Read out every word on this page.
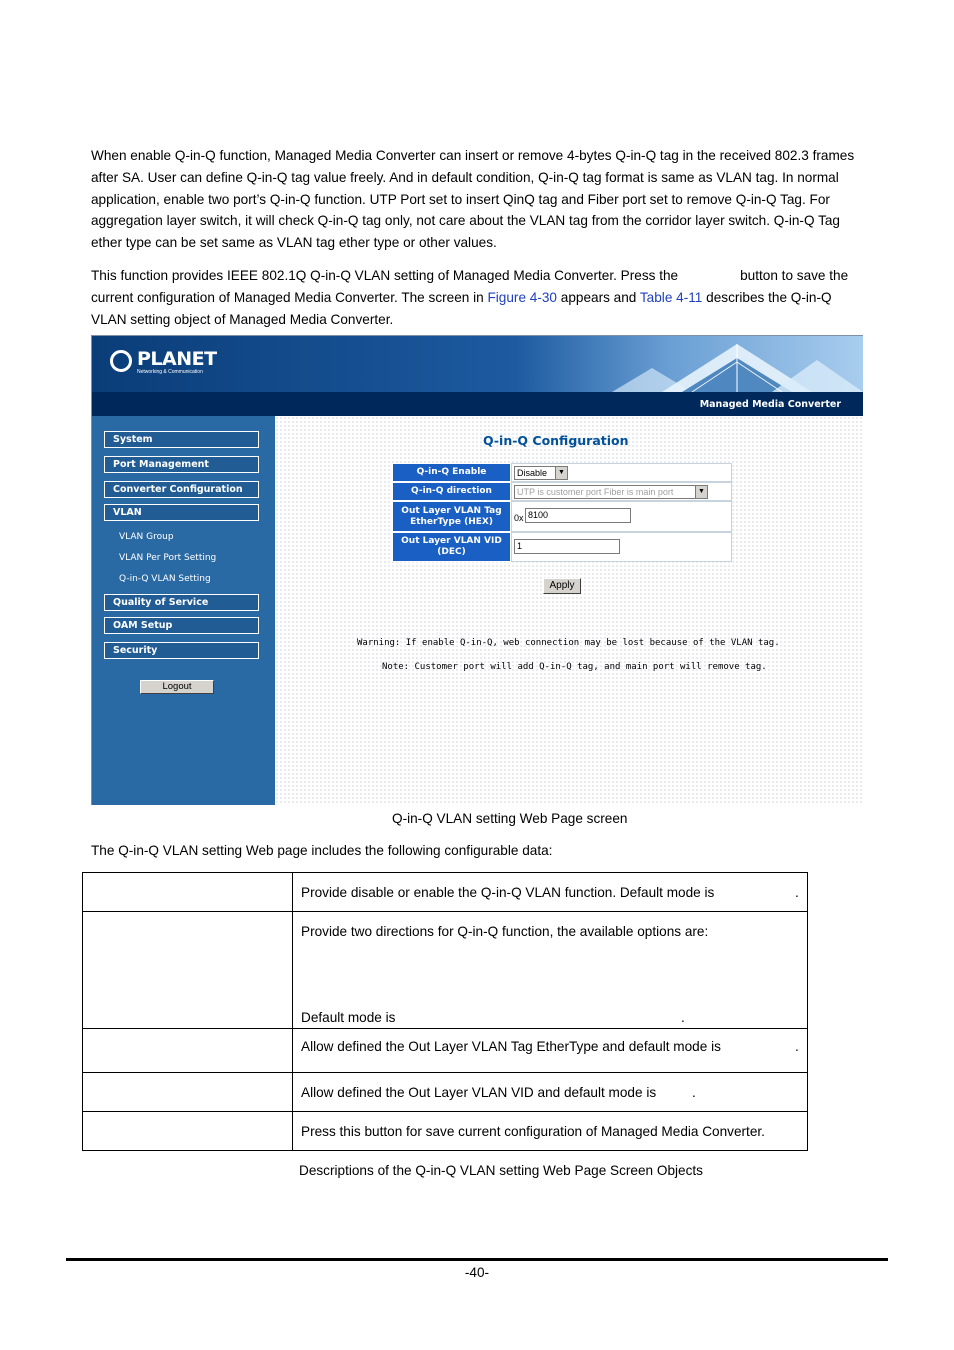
When enable Q-in-Q function, Managed Media Converter can insert or remove 4-bytes Q-in-Q tag in the received 802.3 frames after SA. User can define Q-in-Q tag value freely. And in default condition, Q-in-Q tag format is same as VLAN tag. In normal application, enable two port’s Q-in-Q function. UTP Port set to insert QinQ tag and Fiber port set to remove Q-in-Q Tag. For aggregation layer switch, it will check Q-in-Q tag only, not care about the VLAN tag from the corridor layer switch. Q-in-Q Tag ether type can be set same as VLAN tag ether type or other values.

This function provides IEEE 802.1Q Q-in-Q VLAN setting of Managed Media Converter. Press the	button to save the current configuration of Managed Media Converter. The screen in Figure 4-30 appears and Table 4-11 describes the Q-in-Q VLAN setting object of Managed Media Converter.

PLANET
Networking & Communication
Managed Media Converter
System
Port Management
Converter Configuration
VLAN
VLAN Group
VLAN Per Port Setting
Q-in-Q VLAN Setting
Quality of Service
OAM Setup
Security
Logout
Q-in-Q Configuration
Q-in-Q Enable	Disable	▼
Q-in-Q direction	UTP is customer port Fiber is main port	▼
Out Layer VLAN Tag
EtherType (HEX) 0x 8100
Out Layer VLAN VID
(DEC)
1
Apply
Warning: If enable Q-in-Q, web connection may be lost because of the VLAN tag.
Note: Customer port will add Q-in-Q tag, and main port will remove tag.
Q-in-Q VLAN setting Web Page screen
The Q-in-Q VLAN setting Web page includes the following configurable data:

	Provide disable or enable the Q-in-Q VLAN function. Default mode is .

	Provide two directions for Q-in-Q function, the available options are:
Default mode is .

	Allow defined the Out Layer VLAN Tag EtherType and default mode is .

	Allow defined the Out Layer VLAN VID and default mode is .

	Press this button for save current configuration of Managed Media Converter.
Descriptions of the Q-in-Q VLAN setting Web Page Screen Objects
-40-
